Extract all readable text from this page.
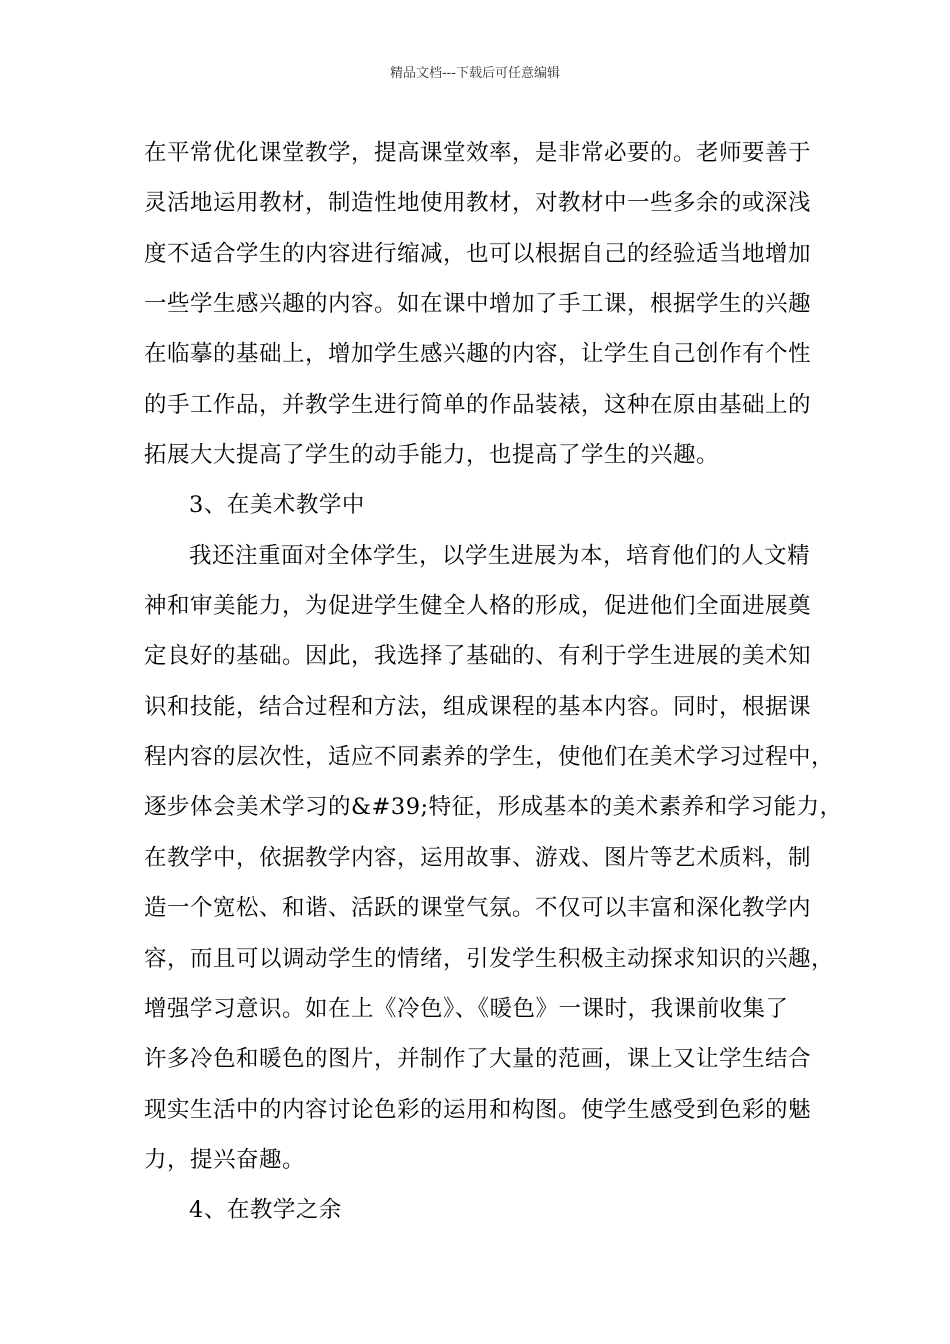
精品文档---下载后可任意编辑
在平常优化课堂教学，提高课堂效率，是非常必要的。老师要善于
灵活地运用教材，制造性地使用教材，对教材中一些多余的或深浅
度不适合学生的内容进行缩减，也可以根据自己的经验适当地增加
一些学生感兴趣的内容。如在课中增加了手工课，根据学生的兴趣
在临摹的基础上，增加学生感兴趣的内容，让学生自己创作有个性
的手工作品，并教学生进行简单的作品装裱，这种在原由基础上的
拓展大大提高了学生的动手能力，也提高了学生的兴趣。
3、在美术教学中
我还注重面对全体学生，以学生进展为本，培育他们的人文精
神和审美能力，为促进学生健全人格的形成，促进他们全面进展奠
定良好的基础。因此，我选择了基础的、有利于学生进展的美术知
识和技能，结合过程和方法，组成课程的基本内容。同时，根据课
程内容的层次性，适应不同素养的学生，使他们在美术学习过程中，
逐步体会美术学习的&#39;特征，形成基本的美术素养和学习能力，
在教学中，依据教学内容，运用故事、游戏、图片等艺术质料，制
造一个宽松、和谐、活跃的课堂气氛。不仅可以丰富和深化教学内
容，而且可以调动学生的情绪，引发学生积极主动探求知识的兴趣，
增强学习意识。如在上《冷色》、《暖色》一课时，我课前收集了
许多冷色和暖色的图片，并制作了大量的范画，课上又让学生结合
现实生活中的内容讨论色彩的运用和构图。使学生感受到色彩的魅
力，提兴奋趣。
4、在教学之余
